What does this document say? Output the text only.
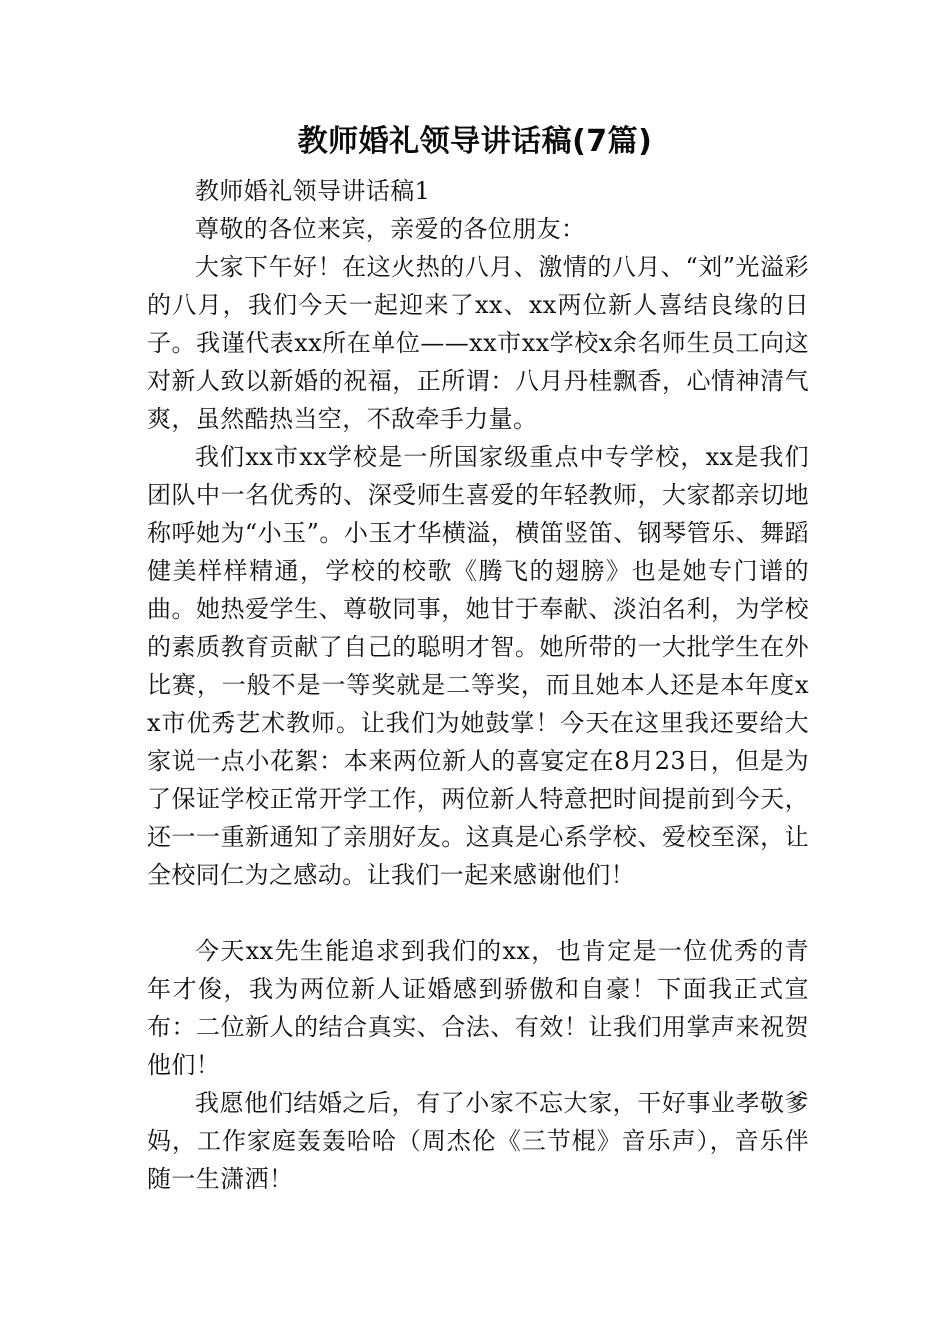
教师婚礼领导讲话稿(7篇)

教师婚礼领导讲话稿1

尊敬的各位来宾，亲爱的各位朋友：

大家下午好！在这火热的八月、激情的八月、“刘”光溢彩的八月，我们今天一起迎来了xx、xx两位新人喜结良缘的日子。我谨代表xx所在单位——xx市xx学校x余名师生员工向这对新人致以新婚的祝福，正所谓：八月丹桂飘香，心情神清气爽，虽然酷热当空，不敌牵手力量。

我们xx市xx学校是一所国家级重点中专学校，xx是我们团队中一名优秀的、深受师生喜爱的年轻教师，大家都亲切地称呼她为“小玉”。小玉才华横溢，横笛竖笛、钢琴管乐、舞蹈健美样样精通，学校的校歌《腾飞的翅膀》也是她专门谱的曲。她热爱学生、尊敬同事，她甘于奉献、淡泊名利，为学校的素质教育贡献了自己的聪明才智。她所带的一大批学生在外比赛，一般不是一等奖就是二等奖，而且她本人还是本年度xx市优秀艺术教师。让我们为她鼓掌！今天在这里我还要给大家说一点小花絮：本来两位新人的喜宴定在8月23日，但是为了保证学校正常开学工作，两位新人特意把时间提前到今天，还一一重新通知了亲朋好友。这真是心系学校、爱校至深，让全校同仁为之感动。让我们一起来感谢他们！

今天xx先生能追求到我们的xx，也肯定是一位优秀的青年才俊，我为两位新人证婚感到骄傲和自豪！下面我正式宣布：二位新人的结合真实、合法、有效！让我们用掌声来祝贺他们！

我愿他们结婚之后，有了小家不忘大家，干好事业孝敬爹妈，工作家庭轰轰哈哈（周杰伦《三节棍》音乐声），音乐伴随一生潇洒！
